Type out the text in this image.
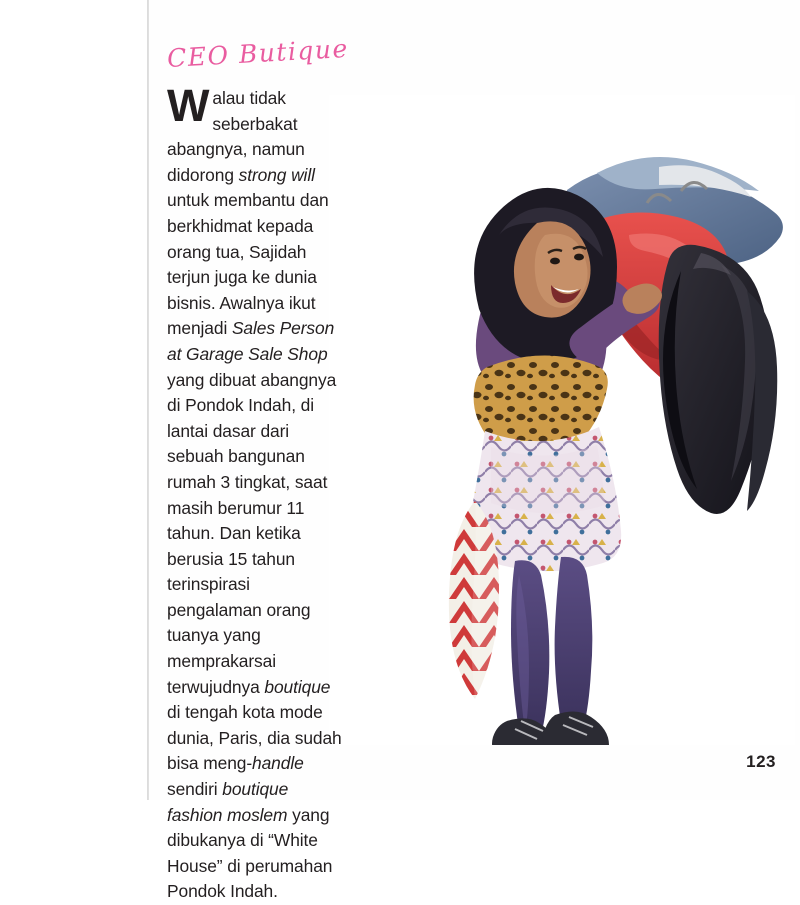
CEO Butique

Walau tidak seberbakat abangnya, namun didorong strong will untuk membantu dan berkhidmat kepada orang tua, Sajidah terjun juga ke dunia bisnis. Awalnya ikut menjadi Sales Person at Garage Sale Shop yang dibuat abangnya di Pondok Indah, di lantai dasar dari sebuah bangunan rumah 3 tingkat, saat masih berumur 11 tahun. Dan ketika berusia 15 tahun terinspirasi pengalaman orang tuanya yang memprakarsai terwujudnya boutique di tengah kota mode dunia, Paris, dia sudah bisa meng-handle sendiri boutique fashion moslem yang dibukanya di “White House” di perumahan Pondok Indah.

123
